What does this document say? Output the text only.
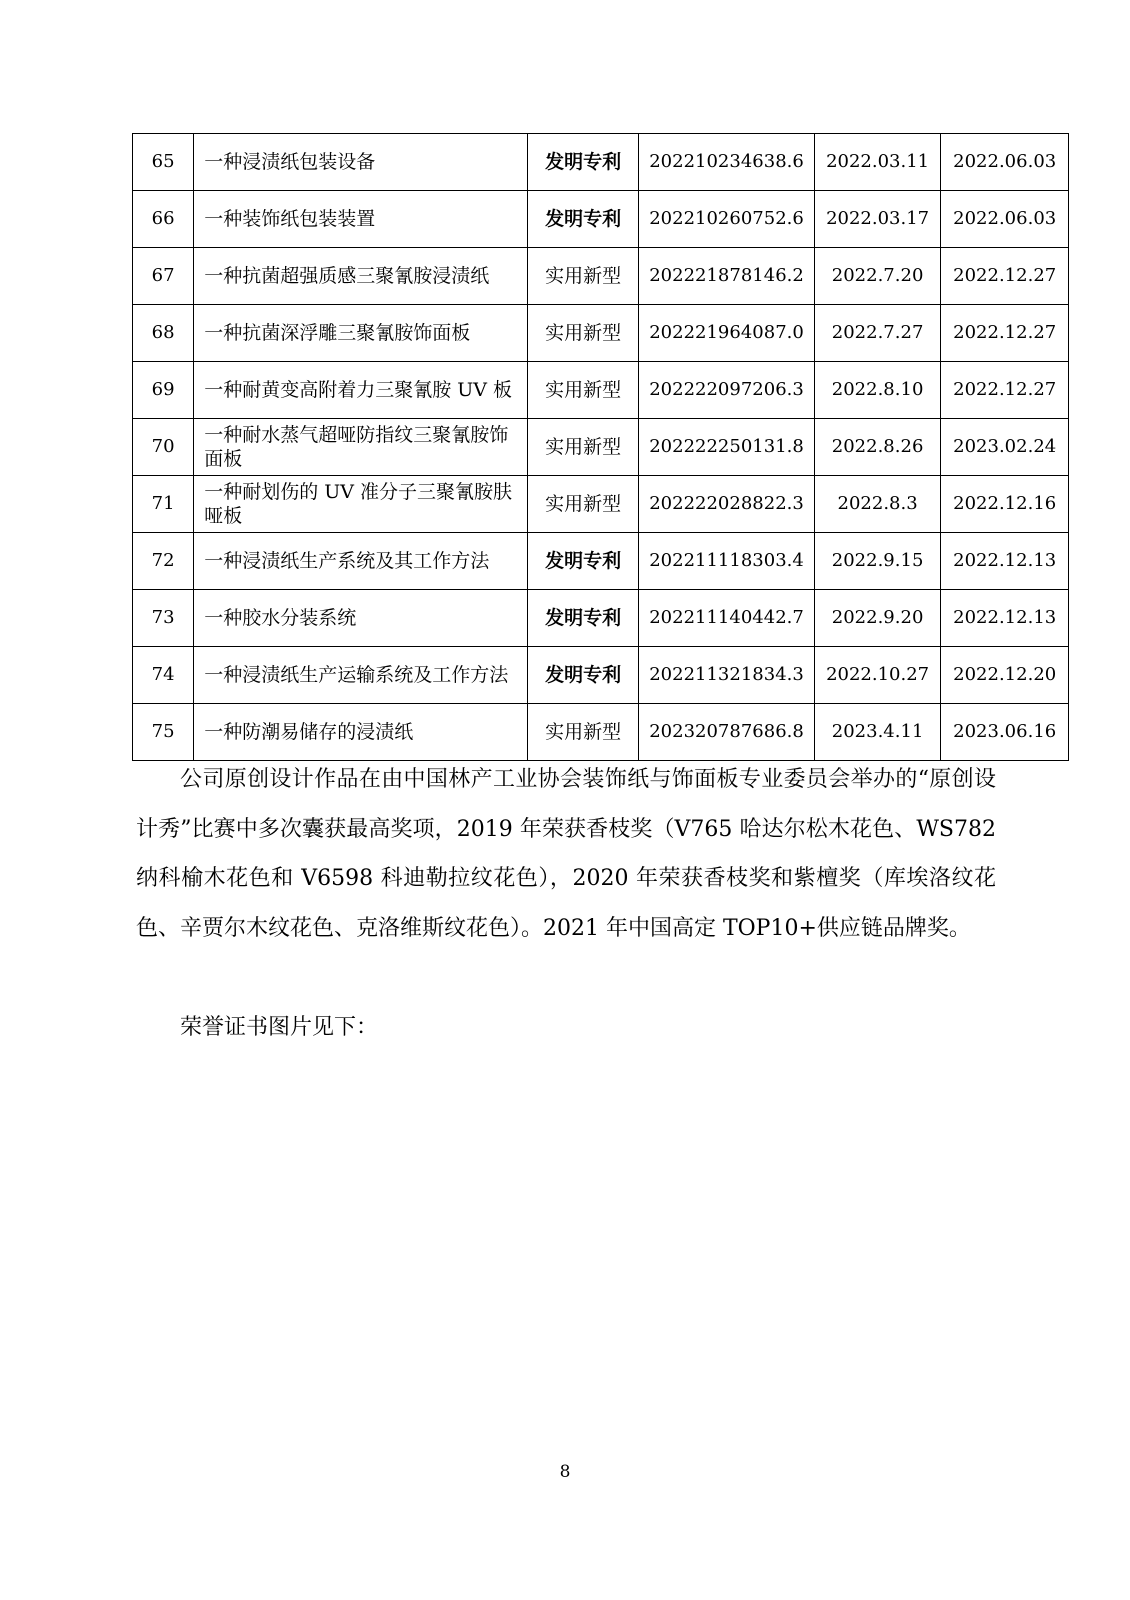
65	一种浸渍纸包装设备	发明专利	202210234638.6	2022.03.11	2022.06.03
66	一种装饰纸包装装置	发明专利	202210260752.6	2022.03.17	2022.06.03
67	一种抗菌超强质感三聚氰胺浸渍纸	实用新型	202221878146.2	2022.7.20	2022.12.27
68	一种抗菌深浮雕三聚氰胺饰面板	实用新型	202221964087.0	2022.7.27	2022.12.27
69	一种耐黄变高附着力三聚氰胺 UV 板	实用新型	202222097206.3	2022.8.10	2022.12.27
70	一种耐水蒸气超哑防指纹三聚氰胺饰面板	实用新型	202222250131.8	2022.8.26	2023.02.24
71	一种耐划伤的 UV 准分子三聚氰胺肤哑板	实用新型	202222028822.3	2022.8.3	2022.12.16
72	一种浸渍纸生产系统及其工作方法	发明专利	202211118303.4	2022.9.15	2022.12.13
73	一种胶水分装系统	发明专利	202211140442.7	2022.9.20	2022.12.13
74	一种浸渍纸生产运输系统及工作方法	发明专利	202211321834.3	2022.10.27	2022.12.20
75	一种防潮易储存的浸渍纸	实用新型	202320787686.8	2023.4.11	2023.06.16

公司原创设计作品在由中国林产工业协会装饰纸与饰面板专业委员会举办的“原创设计秀”比赛中多次囊获最高奖项，2019 年荣获香枝奖（V765 哈达尔松木花色、WS782 纳科榆木花色和 V6598 科迪勒拉纹花色），2020 年荣获香枝奖和紫檀奖（库埃洛纹花色、辛贾尔木纹花色、克洛维斯纹花色）。2021 年中国高定 TOP10+供应链品牌奖。

荣誉证书图片见下：

8
